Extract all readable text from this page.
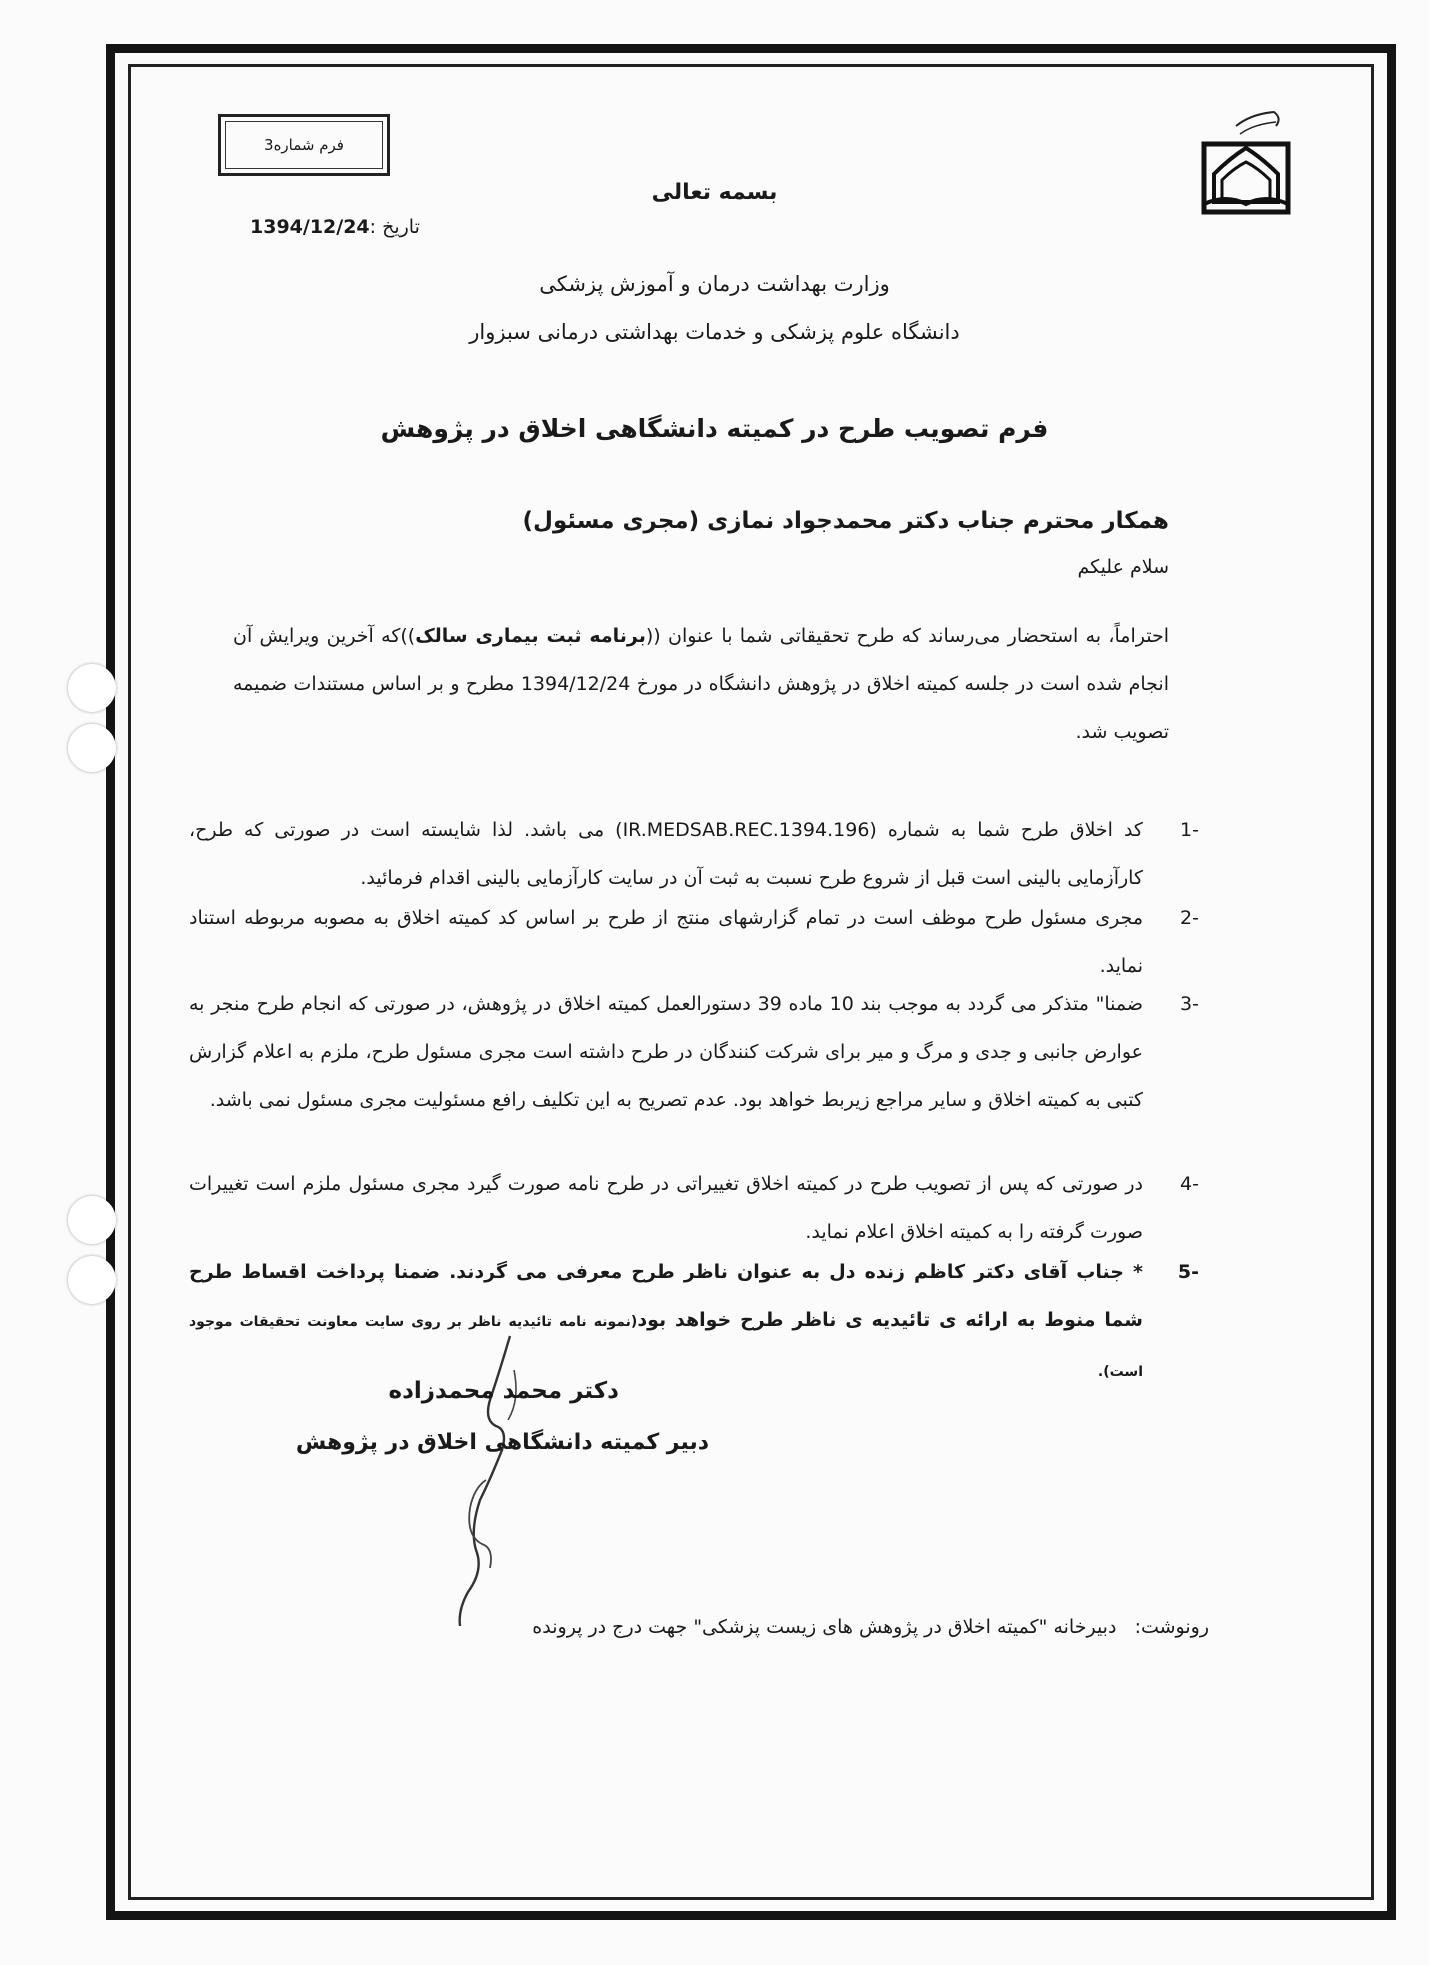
فرم شماره3
تاریخ :1394/12/24
بسمه تعالی
وزارت بهداشت درمان و آموزش پزشکی
دانشگاه علوم پزشکی و خدمات بهداشتی درمانی سبزوار
فرم تصویب طرح در کمیته دانشگاهی اخلاق در پژوهش
همکار محترم جناب دکتر محمدجواد نمازی (مجری مسئول)
سلام علیکم
احتراماً، به استحضار می‌رساند که طرح تحقیقاتی شما با عنوان ((برنامه ثبت بیماری سالک))که آخرین ویرایش آن انجام شده است در جلسه کمیته اخلاق در پژوهش دانشگاه در مورخ 1394/12/24 مطرح و بر اساس مستندات ضمیمه تصویب شد.
-1
کد اخلاق طرح شما به شماره (IR.MEDSAB.REC.1394.196) می باشد. لذا شایسته است در صورتی که طرح، کارآزمایی بالینی است قبل از شروع طرح نسبت به ثبت آن در سایت کارآزمایی بالینی اقدام فرمائید.
-2
مجری مسئول طرح موظف است در تمام گزارشهای منتج از طرح بر اساس کد کمیته اخلاق به مصوبه مربوطه استناد نماید.
-3
ضمنا" متذکر می گردد به موجب بند 10 ماده 39 دستورالعمل کمیته اخلاق در پژوهش، در صورتی که انجام طرح منجر به عوارض جانبی و جدی و مرگ و میر برای شرکت کنندگان در طرح داشته است مجری مسئول طرح، ملزم به اعلام گزارش کتبی به کمیته اخلاق و سایر مراجع زیربط خواهد بود. عدم تصریح به این تکلیف رافع مسئولیت مجری مسئول نمی باشد.
-4
در صورتی که پس از تصویب طرح در کمیته اخلاق تغییراتی در طرح نامه صورت گیرد مجری مسئول ملزم است تغییرات صورت گرفته را به کمیته اخلاق اعلام نماید.
-5
* جناب آقای دکتر کاظم زنده دل به عنوان ناظر طرح معرفی می گردند. ضمنا پرداخت اقساط طرح شما منوط به ارائه ی تائیدیه ی ناظر طرح خواهد بود(نمونه نامه تائیدیه ناظر بر روی سایت معاونت تحقیقات موجود است).
دکتر محمد محمدزاده
دبیر کمیته دانشگاهی اخلاق در پژوهش
رونوشت:   دبیرخانه "کمیته اخلاق در پژوهش های زیست پزشکی" جهت درج در پرونده
